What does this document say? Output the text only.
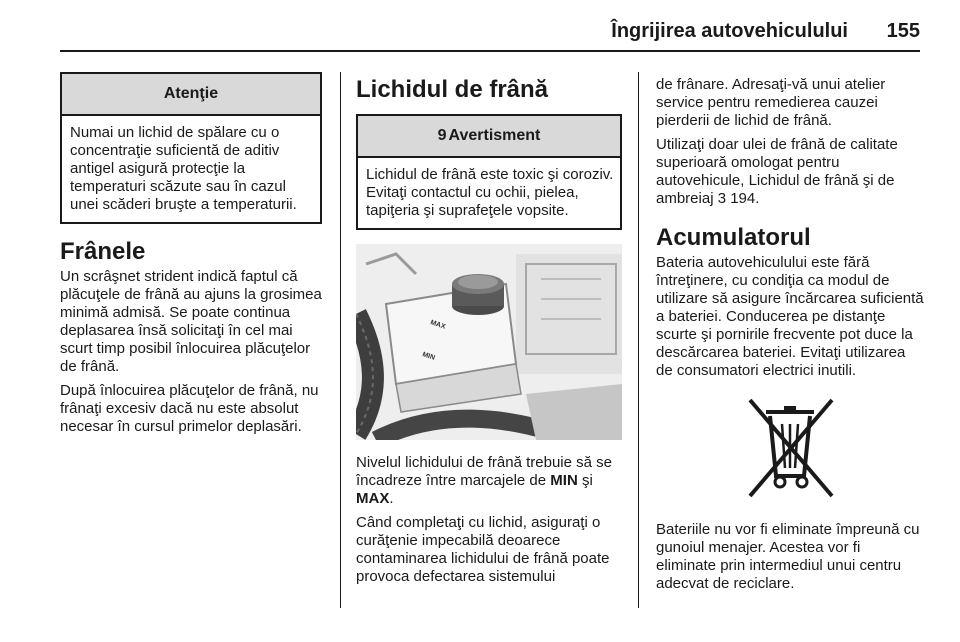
Îngrijirea autovehiculului 155
Atenţie
Numai un lichid de spălare cu o concentraţie suficientă de aditiv antigel asigură protecţie la temperaturi scăzute sau în cazul unei scăderi bruşte a temperaturii.
Frânele

Un scrâşnet strident indică faptul că plăcuţele de frână au ajuns la grosimea minimă admisă. Se poate continua deplasarea însă solicitaţi în cel mai scurt timp posibil înlocuirea plăcuţelor de frână.

După înlocuirea plăcuţelor de frână, nu frânaţi excesiv dacă nu este absolut necesar în cursul primelor deplasări.

Lichidul de frână
9 Avertisment
Lichidul de frână este toxic şi coroziv. Evitaţi contactul cu ochii, pielea, tapiţeria şi suprafeţele vopsite.
MAX
MIN

Nivelul lichidului de frână trebuie să se încadreze între marcajele de MIN şi MAX.

Când completaţi cu lichid, asiguraţi o curăţenie impecabilă deoarece contaminarea lichidului de frână poate provoca defectarea sistemului

de frânare. Adresaţi-vă unui atelier service pentru remedierea cauzei pierderii de lichid de frână.

Utilizaţi doar ulei de frână de calitate superioară omologat pentru autovehicule, Lichidul de frână şi de ambreiaj 3 194.

Acumulatorul

Bateria autovehiculului este fără întreţinere, cu condiţia ca modul de utilizare să asigure încărcarea suficientă a bateriei. Conducerea pe distanţe scurte şi pornirile frecvente pot duce la descărcarea bateriei. Evitaţi utilizarea de consumatori electrici inutili.

Bateriile nu vor fi eliminate împreună cu gunoiul menajer. Acestea vor fi eliminate prin intermediul unui centru adecvat de reciclare.
